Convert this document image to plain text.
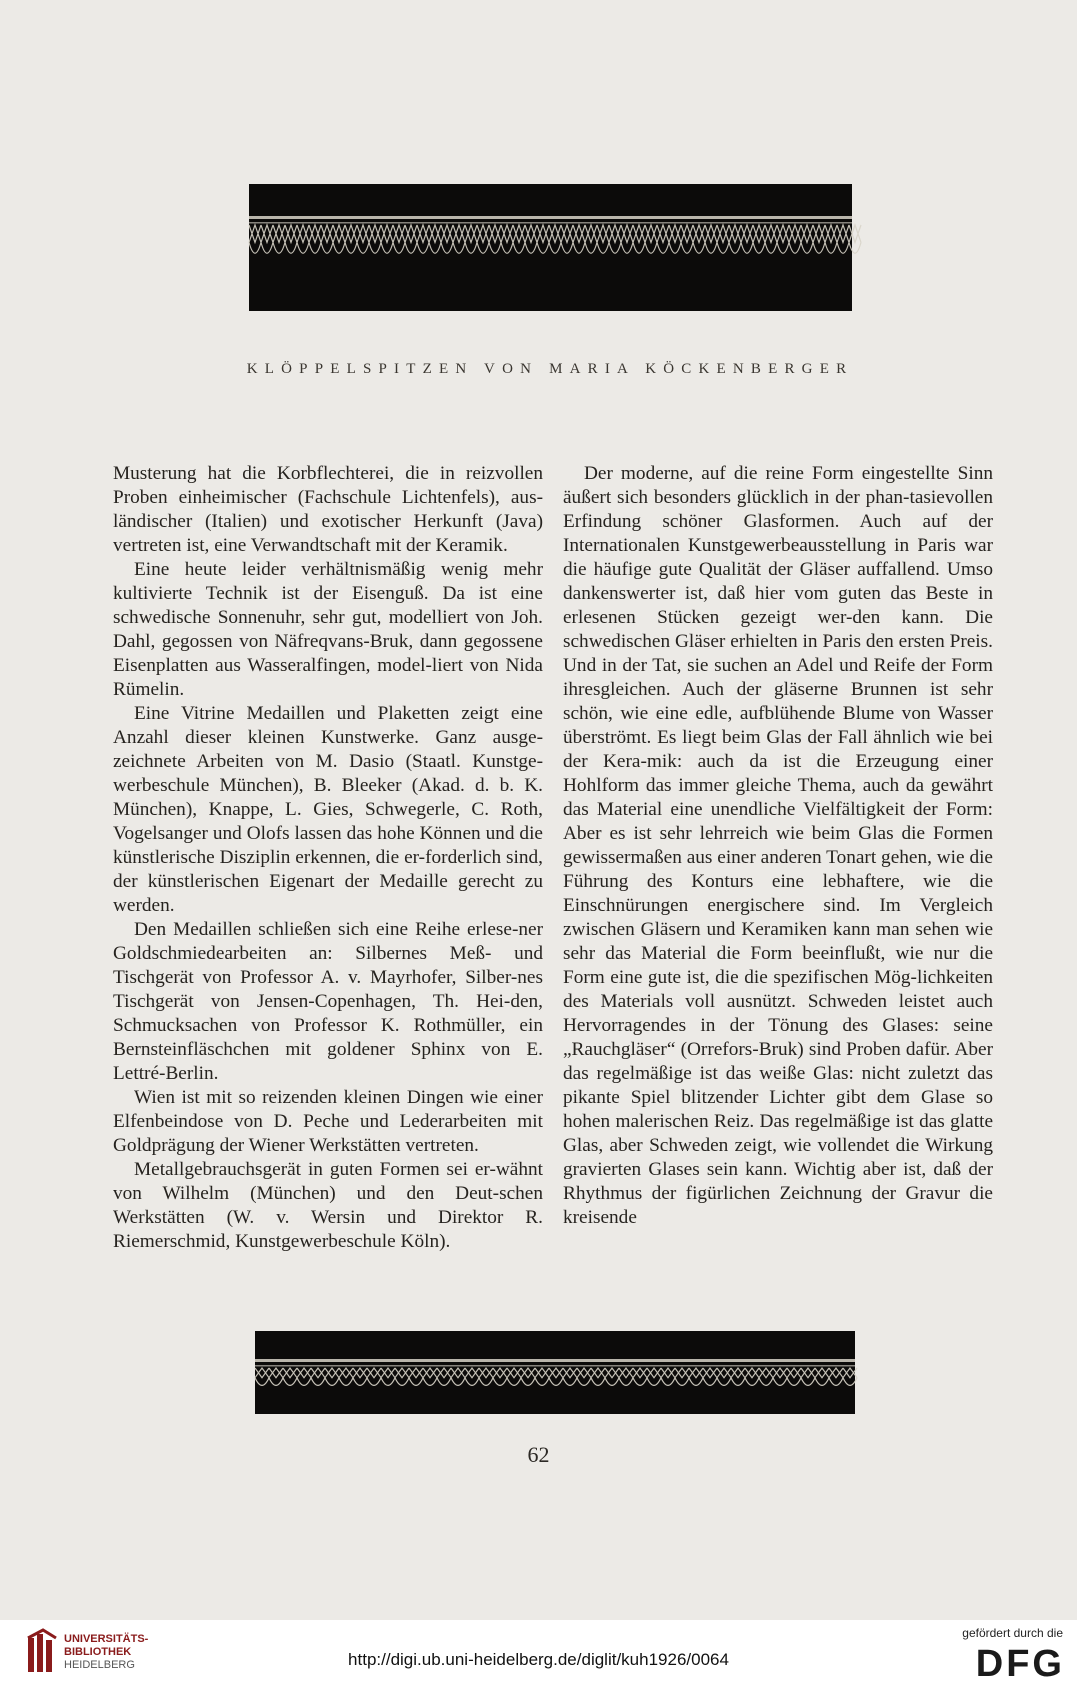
KLÖPPELSPITZEN VON MARIA KÖCKENBERGER

Musterung hat die Korbflechterei, die in reizvollen Proben einheimischer (Fachschule Lichtenfels), aus-ländischer (Italien) und exotischer Herkunft (Java) vertreten ist, eine Verwandtschaft mit der Keramik.

Eine heute leider verhältnismäßig wenig mehr kultivierte Technik ist der Eisenguß. Da ist eine schwedische Sonnenuhr, sehr gut, modelliert von Joh. Dahl, gegossen von Näfreqvans-Bruk, dann gegossene Eisenplatten aus Wasseralfingen, model-liert von Nida Rümelin.

Eine Vitrine Medaillen und Plaketten zeigt eine Anzahl dieser kleinen Kunstwerke. Ganz ausge-zeichnete Arbeiten von M. Dasio (Staatl. Kunstge-werbeschule München), B. Bleeker (Akad. d. b. K. München), Knappe, L. Gies, Schwegerle, C. Roth, Vogelsanger und Olofs lassen das hohe Können und die künstlerische Disziplin erkennen, die er-forderlich sind, der künstlerischen Eigenart der Medaille gerecht zu werden.

Den Medaillen schließen sich eine Reihe erlese-ner Goldschmiedearbeiten an: Silbernes Meß- und Tischgerät von Professor A. v. Mayrhofer, Silber-nes Tischgerät von Jensen-Copenhagen, Th. Hei-den, Schmucksachen von Professor K. Rothmüller, ein Bernsteinfläschchen mit goldener Sphinx von E. Lettré-Berlin.

Wien ist mit so reizenden kleinen Dingen wie einer Elfenbeindose von D. Peche und Lederarbeiten mit Goldprägung der Wiener Werkstätten vertreten.

Metallgebrauchsgerät in guten Formen sei er-wähnt von Wilhelm (München) und den Deut-schen Werkstätten (W. v. Wersin und Direktor R. Riemerschmid, Kunstgewerbeschule Köln).

Der moderne, auf die reine Form eingestellte Sinn äußert sich besonders glücklich in der phan-tasievollen Erfindung schöner Glasformen. Auch auf der Internationalen Kunstgewerbeausstellung in Paris war die häufige gute Qualität der Gläser auffallend. Umso dankenswerter ist, daß hier vom guten das Beste in erlesenen Stücken gezeigt wer-den kann. Die schwedischen Gläser erhielten in Paris den ersten Preis. Und in der Tat, sie suchen an Adel und Reife der Form ihresgleichen. Auch der gläserne Brunnen ist sehr schön, wie eine edle, aufblühende Blume von Wasser überströmt. Es liegt beim Glas der Fall ähnlich wie bei der Kera-mik: auch da ist die Erzeugung einer Hohlform das immer gleiche Thema, auch da gewährt das Material eine unendliche Vielfältigkeit der Form: Aber es ist sehr lehrreich wie beim Glas die Formen gewissermaßen aus einer anderen Tonart gehen, wie die Führung des Konturs eine lebhaftere, wie die Einschnürungen energischere sind. Im Vergleich zwischen Gläsern und Keramiken kann man sehen wie sehr das Material die Form beeinflußt, wie nur die Form eine gute ist, die die spezifischen Mög-lichkeiten des Materials voll ausnützt. Schweden leistet auch Hervorragendes in der Tönung des Glases: seine „Rauchgläser“ (Orrefors-Bruk) sind Proben dafür. Aber das regelmäßige ist das weiße Glas: nicht zuletzt das pikante Spiel blitzender Lichter gibt dem Glase so hohen malerischen Reiz. Das regelmäßige ist das glatte Glas, aber Schweden zeigt, wie vollendet die Wirkung gravierten Glases sein kann. Wichtig aber ist, daß der Rhythmus der figürlichen Zeichnung der Gravur die kreisende

62
UNIVERSITÄTS-
BIBLIOTHEK
HEIDELBERG	http://digi.ub.uni-heidelberg.de/diglit/kuh1926/0064
gefördert durch die
DFG
